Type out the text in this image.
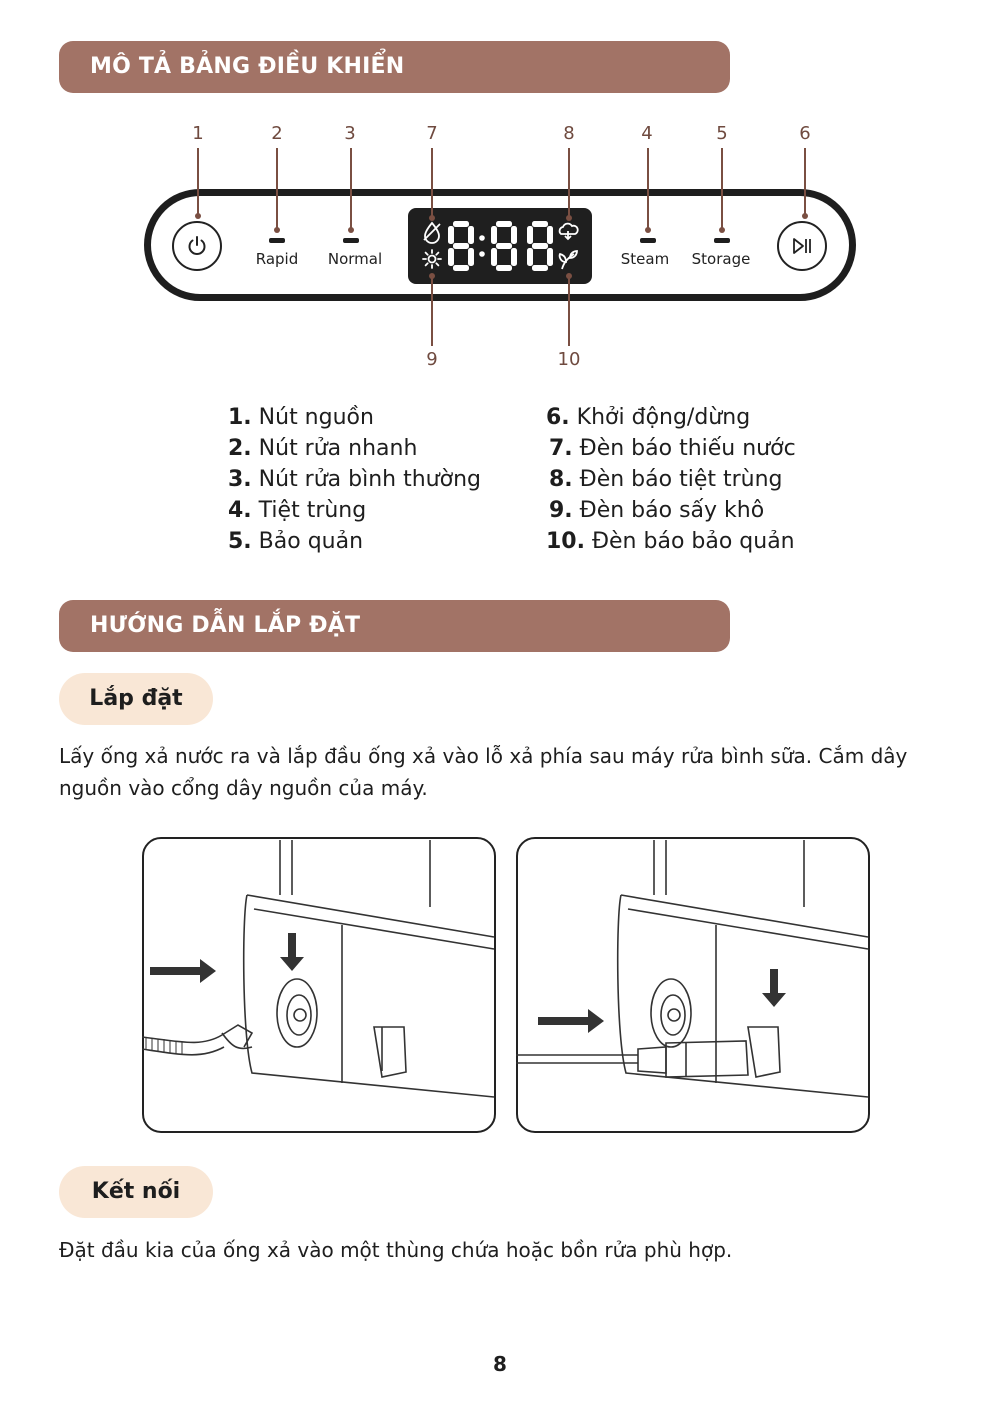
MÔ TẢ BẢNG ĐIỀU KHIỂN
1	2	3	7	8	4	5	6
9	10
Rapid Normal	Steam Storage
1. Nút nguồn
2. Nút rửa nhanh
3. Nút rửa bình thường
4. Tiệt trùng
5. Bảo quản
6. Khởi động/dừng
7. Đèn báo thiếu nước
8. Đèn báo tiệt trùng
9. Đèn báo sấy khô
10. Đèn báo bảo quản
HƯỚNG DẪN LẮP ĐẶT
Lắp đặt

Lấy ống xả nước ra và lắp đầu ống xả vào lỗ xả phía sau máy rửa bình sữa. Cắm dây nguồn vào cổng dây nguồn của máy.

Kết nối

Đặt đầu kia của ống xả vào một thùng chứa hoặc bồn rửa phù hợp.

8
